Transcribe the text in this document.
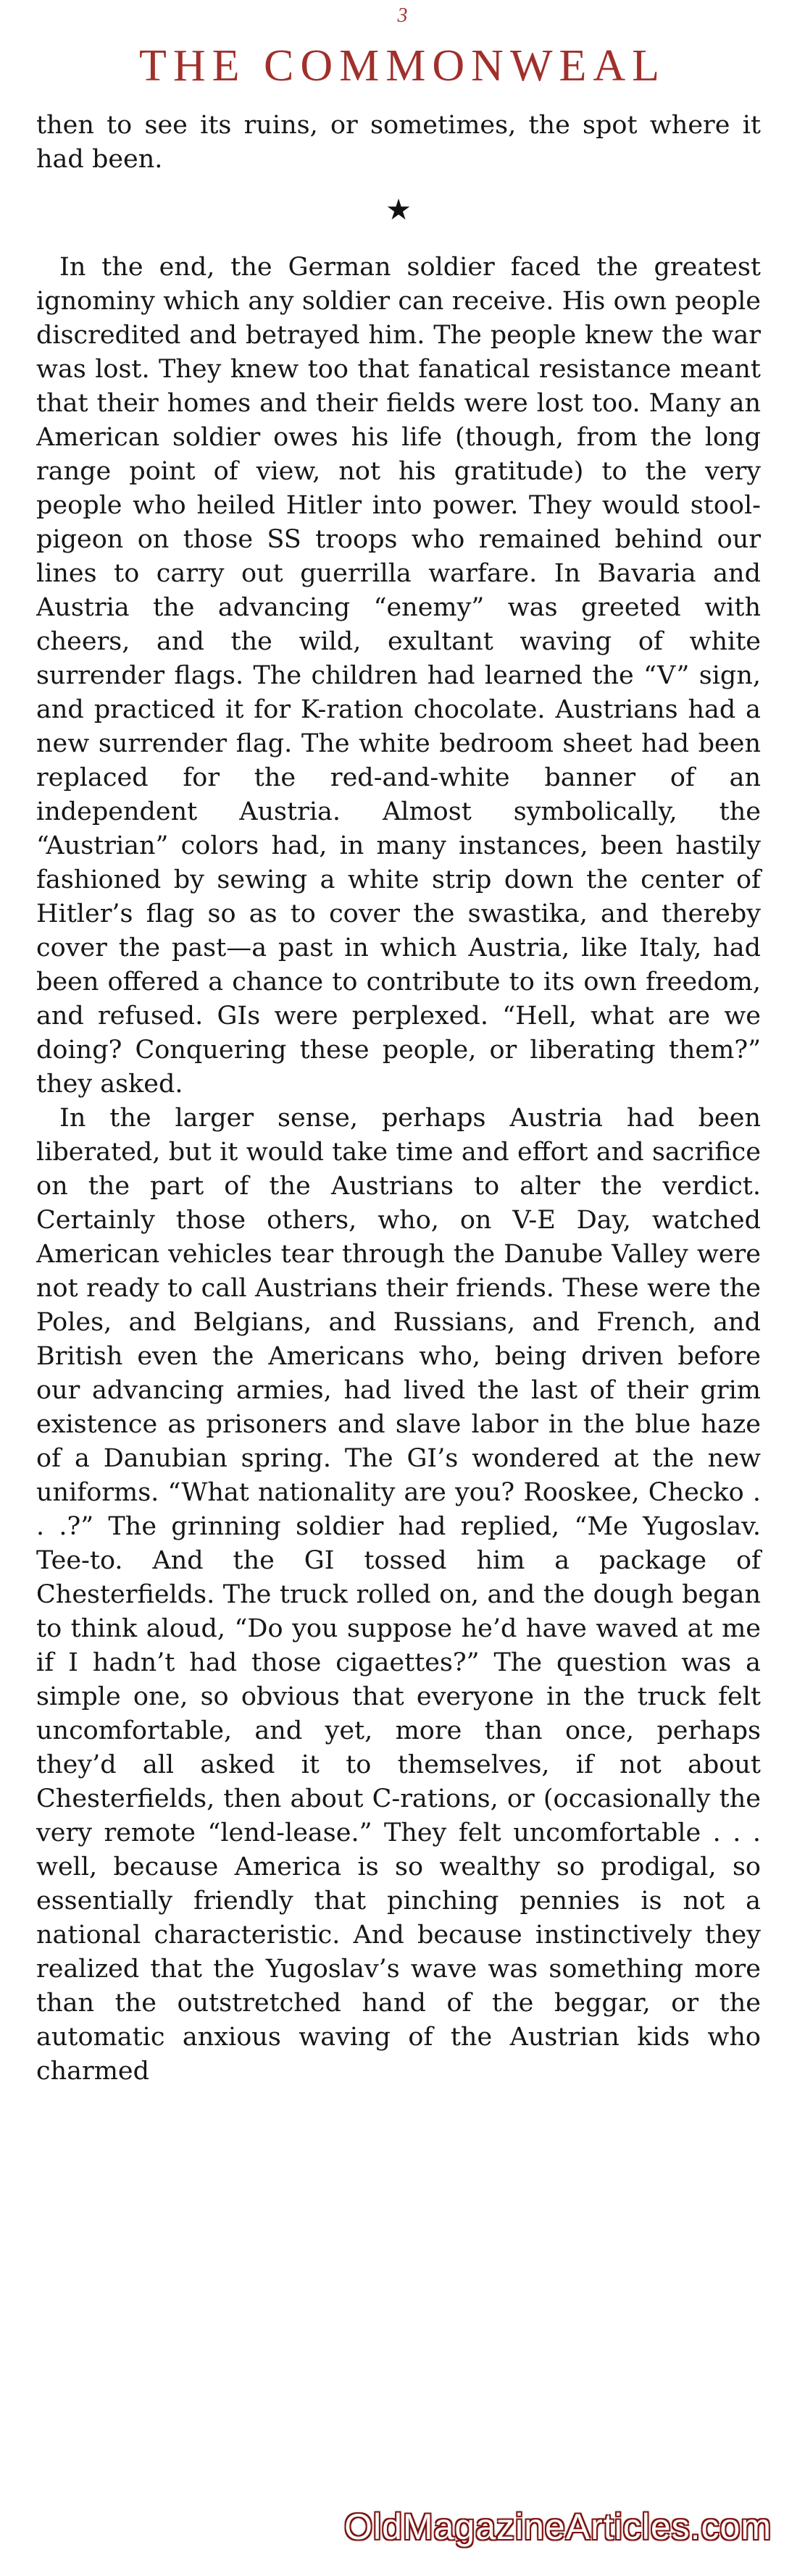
3
THE COMMONWEAL

then to see its ruins, or sometimes, the spot where it had been.

★

In the end, the German soldier faced the greatest ignominy which any soldier can receive. His own people discredited and betrayed him. The people knew the war was lost. They knew too that fanatical resistance meant that their homes and their fields were lost too. Many an American soldier owes his life (though, from the long range point of view, not his gratitude) to the very people who heiled Hitler into power. They would stool-pigeon on those SS troops who remained behind our lines to carry out guerrilla warfare. In Bavaria and Austria the advancing “enemy” was greeted with cheers, and the wild, exultant waving of white surrender flags. The children had learned the “V” sign, and practiced it for K-ration chocolate. Austrians had a new surrender flag. The white bedroom sheet had been replaced for the red-and-white banner of an independent Austria. Almost symbolically, the “Austrian” colors had, in many instances, been hastily fashioned by sewing a white strip down the center of Hitler’s flag so as to cover the swastika, and thereby cover the past—a past in which Austria, like Italy, had been offered a chance to contribute to its own freedom, and refused. GIs were perplexed. “Hell, what are we doing? Conquering these people, or liberating them?” they asked.

In the larger sense, perhaps Austria had been liberated, but it would take time and effort and sacrifice on the part of the Austrians to alter the verdict. Certainly those others, who, on V-E Day, watched American vehicles tear through the Danube Valley were not ready to call Austrians their friends. These were the Poles, and Belgians, and Russians, and French, and British even the Americans who, being driven before our advancing armies, had lived the last of their grim existence as prisoners and slave labor in the blue haze of a Danubian spring. The GI’s wondered at the new uniforms. “What nationality are you? Rooskee, Checko . . .?” The grinning soldier had replied, “Me Yugoslav. Tee-to. And the GI tossed him a package of Chesterfields. The truck rolled on, and the dough began to think aloud, “Do you suppose he’d have waved at me if I hadn’t had those cigaettes?” The question was a simple one, so obvious that everyone in the truck felt uncomfortable, and yet, more than once, perhaps they’d all asked it to themselves, if not about Chesterfields, then about C-rations, or (occasionally the very remote “lend-lease.” They felt uncomfortable . . . well, because America is so wealthy so prodigal, so essentially friendly that pinching pennies is not a national characteristic. And because instinctively they realized that the Yugoslav’s wave was something more than the outstretched hand of the beggar, or the automatic anxious waving of the Austrian kids who charmed

OldMagazineArticles.com
